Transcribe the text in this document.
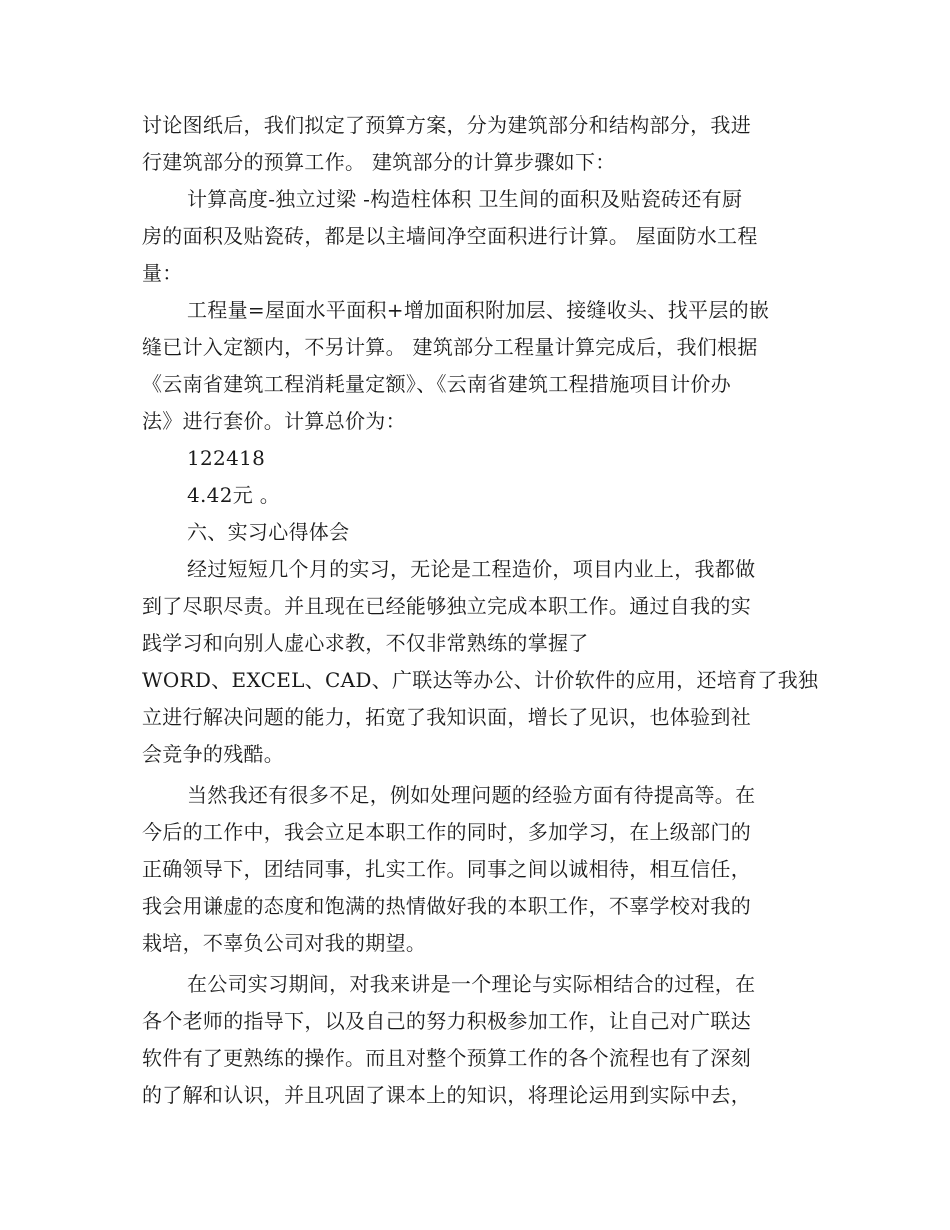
讨论图纸后，我们拟定了预算方案，分为建筑部分和结构部分，我进
行建筑部分的预算工作。 建筑部分的计算步骤如下：
计算高度-独立过梁 -构造柱体积 卫生间的面积及贴瓷砖还有厨
房的面积及贴瓷砖，都是以主墙间净空面积进行计算。 屋面防水工程
量：
工程量=屋面水平面积+增加面积附加层、接缝收头、找平层的嵌
缝已计入定额内，不另计算。 建筑部分工程量计算完成后，我们根据
《云南省建筑工程消耗量定额》、《云南省建筑工程措施项目计价办
法》进行套价。计算总价为：
122418
4.42元 。
六、实习心得体会
经过短短几个月的实习，无论是工程造价，项目内业上，我都做
到了尽职尽责。并且现在已经能够独立完成本职工作。通过自我的实
践学习和向别人虚心求教，不仅非常熟练的掌握了
WORD、EXCEL、CAD、广联达等办公、计价软件的应用，还培育了我独
立进行解决问题的能力，拓宽了我知识面，增长了见识，也体验到社
会竞争的残酷。
当然我还有很多不足，例如处理问题的经验方面有待提高等。在
今后的工作中，我会立足本职工作的同时，多加学习，在上级部门的
正确领导下，团结同事，扎实工作。同事之间以诚相待，相互信任，
我会用谦虚的态度和饱满的热情做好我的本职工作，不辜学校对我的
栽培，不辜负公司对我的期望。
在公司实习期间，对我来讲是一个理论与实际相结合的过程，在
各个老师的指导下，以及自己的努力积极参加工作，让自己对广联达
软件有了更熟练的操作。而且对整个预算工作的各个流程也有了深刻
的了解和认识，并且巩固了课本上的知识，将理论运用到实际中去，
